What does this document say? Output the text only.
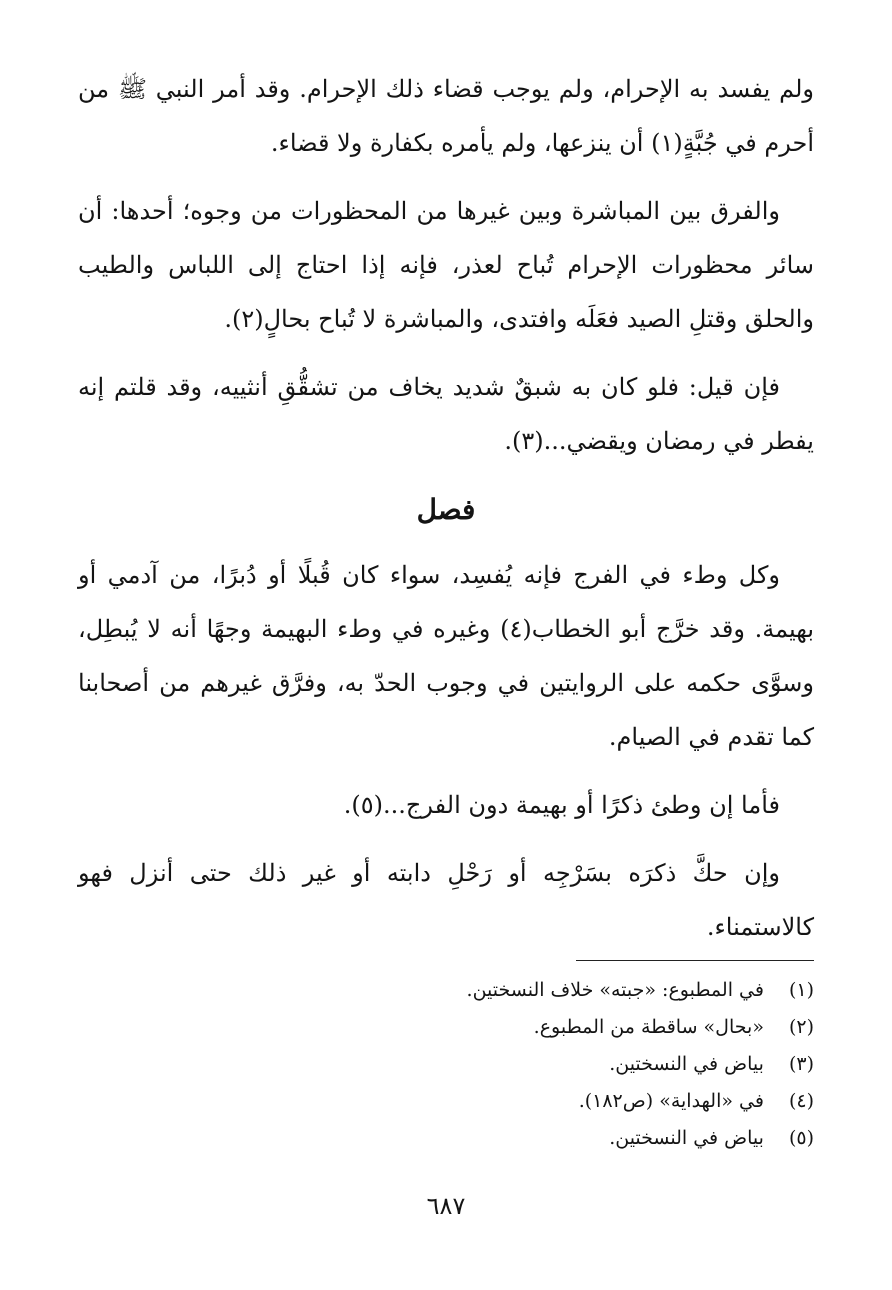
ولم يفسد به الإحرام، ولم يوجب قضاء ذلك الإحرام. وقد أمر النبي ﷺ من أحرم في جُبَّةٍ(١) أن ينزعها، ولم يأمره بكفارة ولا قضاء.

والفرق بين المباشرة وبين غيرها من المحظورات من وجوه؛ أحدها: أن سائر محظورات الإحرام تُباح لعذر، فإنه إذا احتاج إلى اللباس والطيب والحلق وقتلِ الصيد فعَلَه وافتدى، والمباشرة لا تُباح بحالٍ(٢).

فإن قيل: فلو كان به شبقٌ شديد يخاف من تشقُّقِ أنثييه، وقد قلتم إنه يفطر في رمضان ويقضي...(٣).

فصل

وكل وطء في الفرج فإنه يُفسِد، سواء كان قُبلًا أو دُبرًا، من آدمي أو بهيمة. وقد خرَّج أبو الخطاب(٤) وغيره في وطء البهيمة وجهًا أنه لا يُبطِل، وسوَّى حكمه على الروايتين في وجوب الحدّ به، وفرَّق غيرهم من أصحابنا كما تقدم في الصيام.

فأما إن وطئ ذكرًا أو بهيمة دون الفرج...(٥).

وإن حكَّ ذكرَه بسَرْجِه أو رَحْلِ دابته أو غير ذلك حتى أنزل فهو كالاستمناء.

(١) في المطبوع: «جبته» خلاف النسختين.
(٢) «بحال» ساقطة من المطبوع.
(٣) بياض في النسختين.
(٤) في «الهداية» (ص١٨٢).
(٥) بياض في النسختين.
٦٨٧
